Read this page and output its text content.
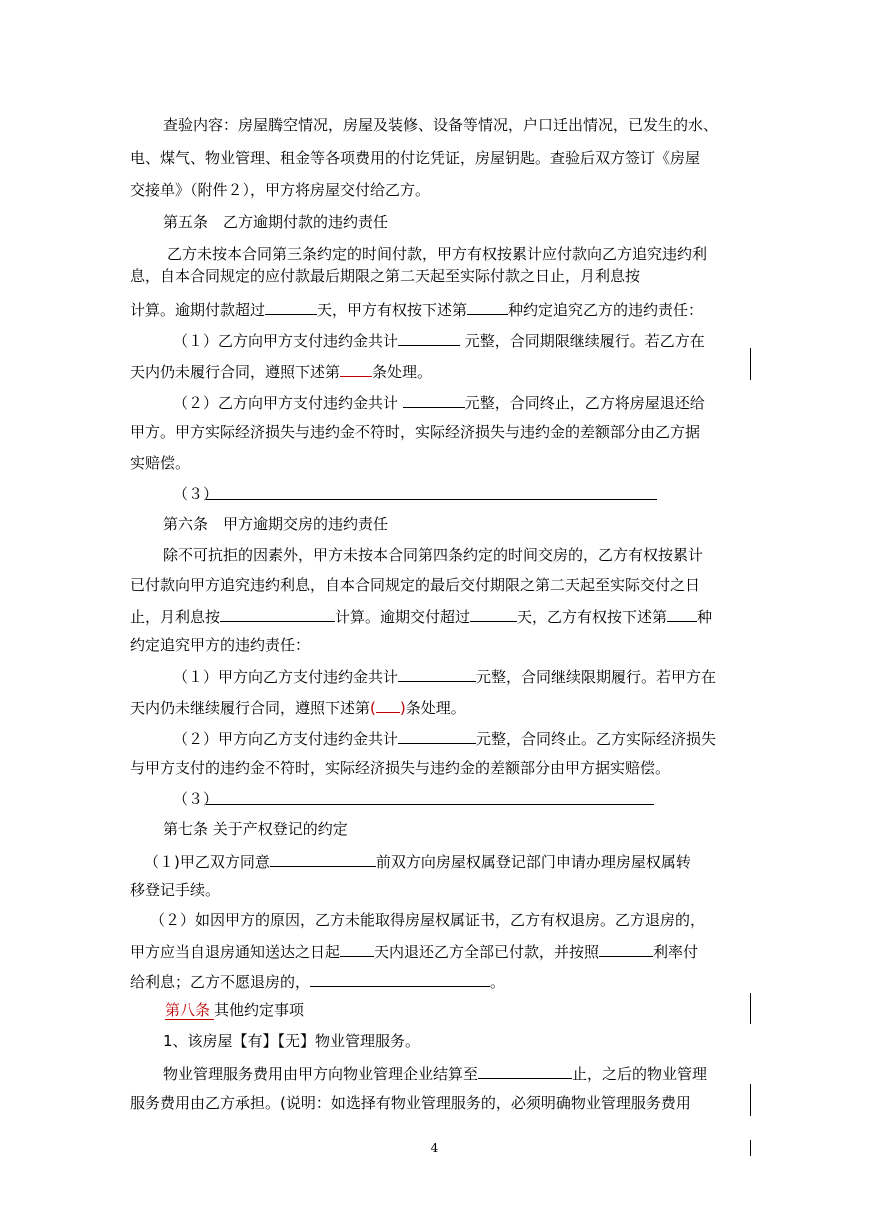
查验内容：房屋腾空情况，房屋及装修、设备等情况，户口迁出情况，已发生的水、
电、煤气、物业管理、租金等各项费用的付讫凭证，房屋钥匙。查验后双方签订《房屋
交接单》（附件２），甲方将房屋交付给乙方。
第五条　乙方逾期付款的违约责任
乙方未按本合同第三条约定的时间付款，甲方有权按累计应付款向乙方追究违约利
息，自本合同规定的应付款最后期限之第二天起至实际付款之日止，月利息按
计算。逾期付款超过	天，甲方有权按下述第	种约定追究乙方的违约责任：
（１）乙方向甲方支付违约金共计	元整，合同期限继续履行。若乙方在
天内仍未履行合同，遵照下述第 条处理。
（２）乙方向甲方支付违约金共计	元整，合同终止，乙方将房屋退还给
甲方。甲方实际经济损失与违约金不符时，实际经济损失与违约金的差额部分由乙方据
实赔偿。
（３）
第六条　甲方逾期交房的违约责任
除不可抗拒的因素外，甲方未按本合同第四条约定的时间交房的，乙方有权按累计
已付款向甲方追究违约利息，自本合同规定的最后交付期限之第二天起至实际交付之日
止，月利息按	计算。逾期交付超过	天，乙方有权按下述第 种
约定追究甲方的违约责任：
（１）甲方向乙方支付违约金共计	元整，合同继续限期履行。若甲方在
天内仍未继续履行合同，遵照下述第( )条处理。
（２）甲方向乙方支付违约金共计	元整，合同终止。乙方实际经济损失
与甲方支付的违约金不符时，实际经济损失与违约金的差额部分由甲方据实赔偿。
（３）
第七条 关于产权登记的约定
（１)甲乙双方同意	前双方向房屋权属登记部门申请办理房屋权属转
移登记手续。
（２）如因甲方的原因，乙方未能取得房屋权属证书，乙方有权退房。乙方退房的，
甲方应当自退房通知送达之日起 天内退还乙方全部已付款，并按照	利率付
给利息；乙方不愿退房的，	。
第八条 其他约定事项
1、该房屋【有】【无】物业管理服务。
物业管理服务费用由甲方向物业管理企业结算至	止，之后的物业管理
服务费用由乙方承担。(说明：如选择有物业管理服务的，必须明确物业管理服务费用
4
